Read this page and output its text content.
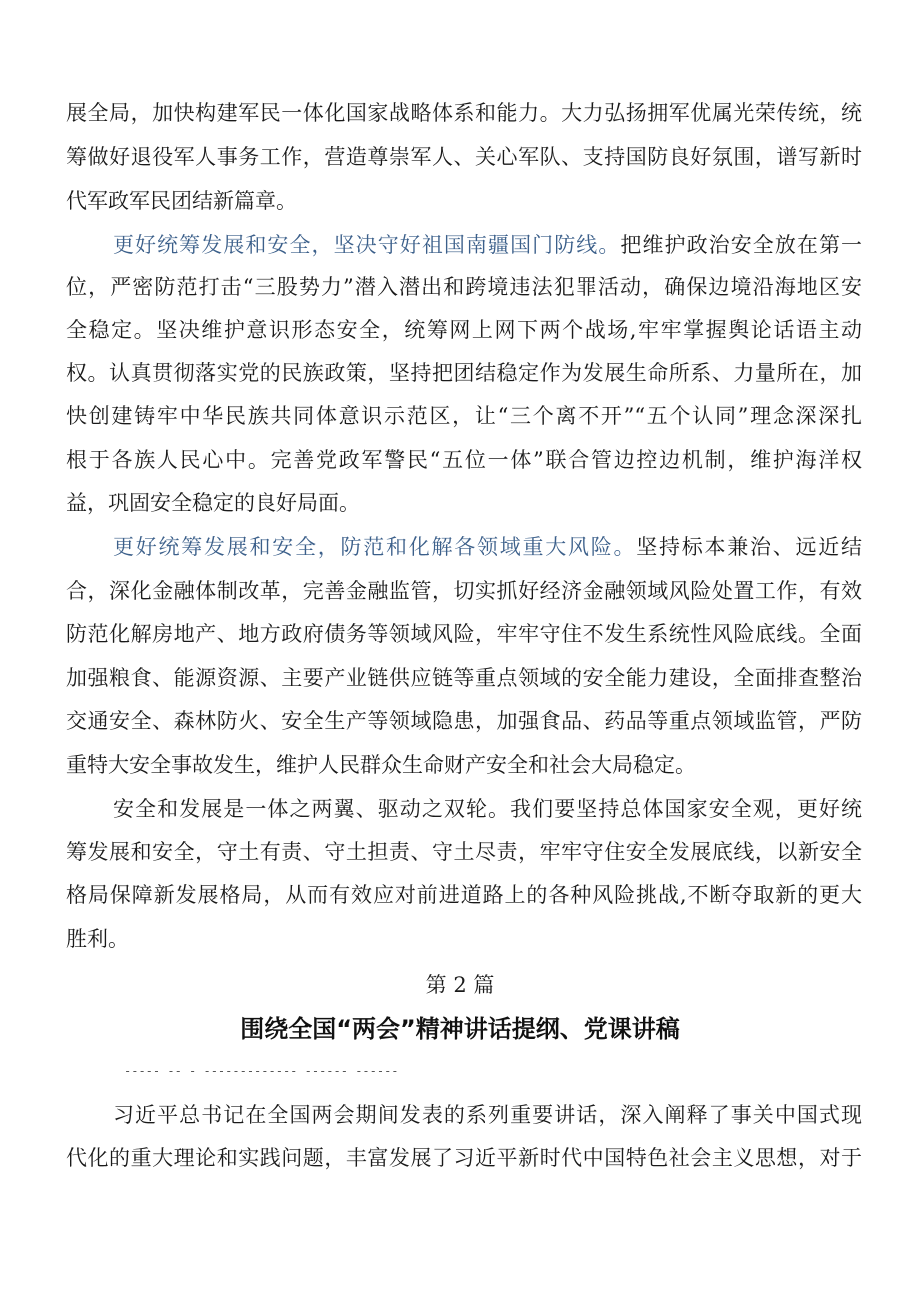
展全局，加快构建军民一体化国家战略体系和能力。大力弘扬拥军优属光荣传统，统
筹做好退役军人事务工作，营造尊崇军人、关心军队、支持国防良好氛围，谱写新时
代军政军民团结新篇章。
更好统筹发展和安全，坚决守好祖国南疆国门防线。把维护政治安全放在第一
位，严密防范打击“三股势力”潜入潜出和跨境违法犯罪活动，确保边境沿海地区安
全稳定。坚决维护意识形态安全，统筹网上网下两个战场,牢牢掌握舆论话语主动
权。认真贯彻落实党的民族政策，坚持把团结稳定作为发展生命所系、力量所在，加
快创建铸牢中华民族共同体意识示范区，让“三个离不开”“五个认同”理念深深扎
根于各族人民心中。完善党政军警民“五位一体”联合管边控边机制，维护海洋权
益，巩固安全稳定的良好局面。
更好统筹发展和安全，防范和化解各领域重大风险。坚持标本兼治、远近结
合，深化金融体制改革，完善金融监管，切实抓好经济金融领域风险处置工作，有效
防范化解房地产、地方政府债务等领域风险，牢牢守住不发生系统性风险底线。全面
加强粮食、能源资源、主要产业链供应链等重点领域的安全能力建设，全面排查整治
交通安全、森林防火、安全生产等领域隐患，加强食品、药品等重点领域监管，严防
重特大安全事故发生，维护人民群众生命财产安全和社会大局稳定。
安全和发展是一体之两翼、驱动之双轮。我们要坚持总体国家安全观，更好统
筹发展和安全，守土有责、守土担责、守土尽责，牢牢守住安全发展底线，以新安全
格局保障新发展格局，从而有效应对前进道路上的各种风险挑战,不断夺取新的更大
胜利。
第 2 篇
围绕全国“两会”精神讲话提纲、党课讲稿
----- -- - ------------- ------ ------
习近平总书记在全国两会期间发表的系列重要讲话，深入阐释了事关中国式现
代化的重大理论和实践问题，丰富发展了习近平新时代中国特色社会主义思想，对于
